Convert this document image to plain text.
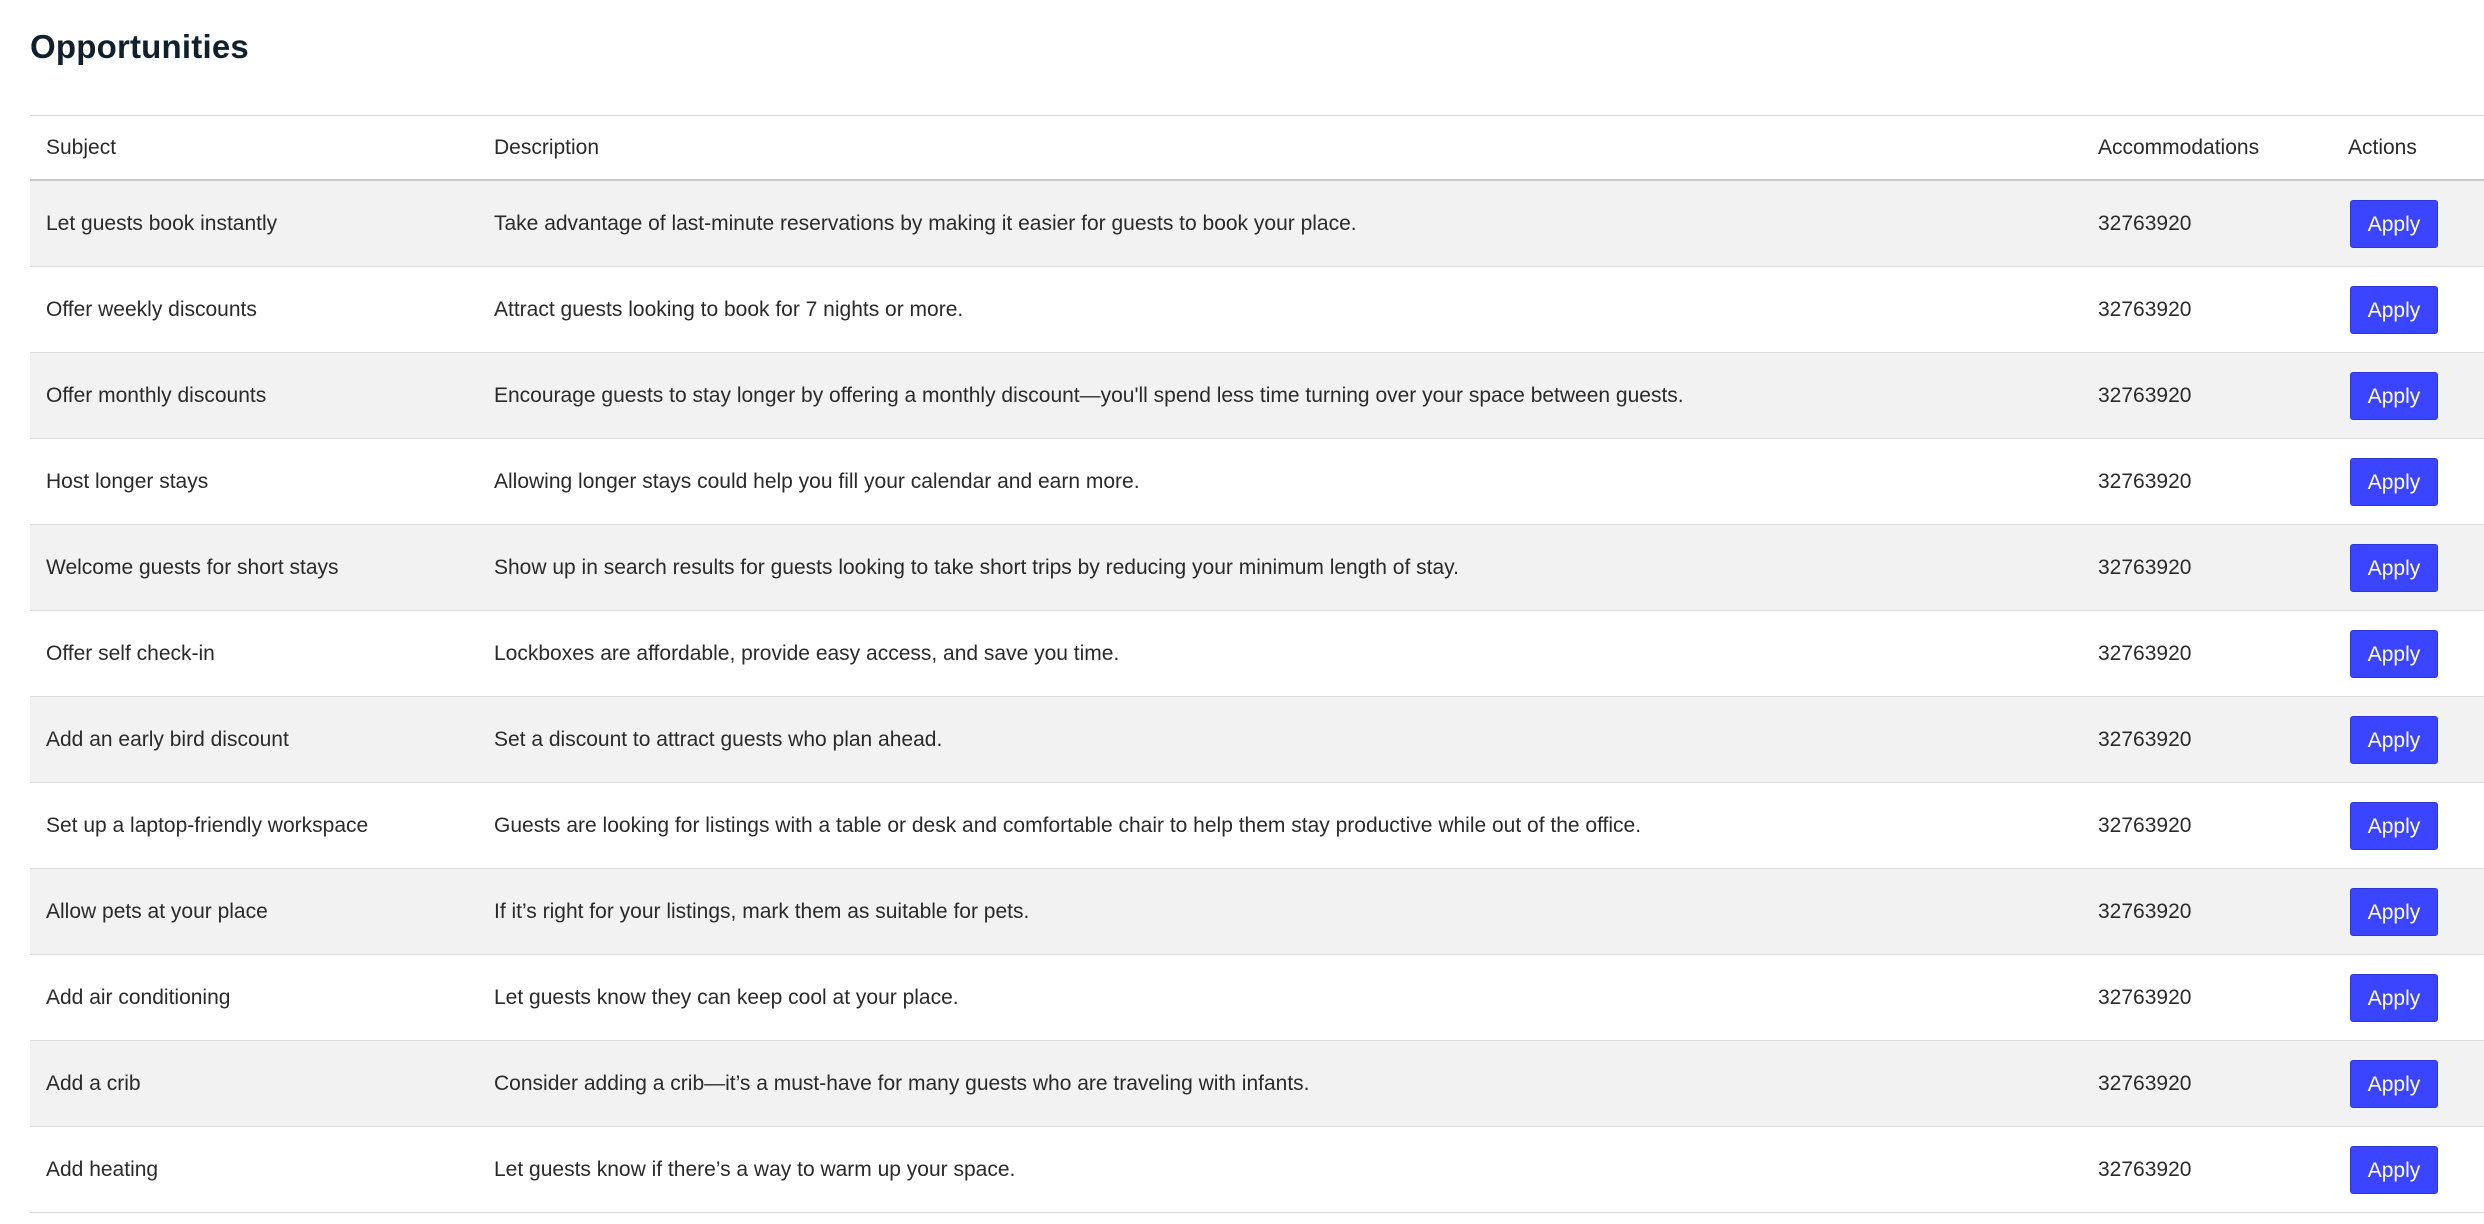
Opportunities
Subject	Description	Accommodations	Actions
Let guests book instantly	Take advantage of last-minute reservations by making it easier for guests to book your place.	32763920	Apply
Offer weekly discounts	Attract guests looking to book for 7 nights or more.	32763920	Apply
Offer monthly discounts	Encourage guests to stay longer by offering a monthly discount—you'll spend less time turning over your space between guests.	32763920	Apply
Host longer stays	Allowing longer stays could help you fill your calendar and earn more.	32763920	Apply
Welcome guests for short stays	Show up in search results for guests looking to take short trips by reducing your minimum length of stay.	32763920	Apply
Offer self check-in	Lockboxes are affordable, provide easy access, and save you time.	32763920	Apply
Add an early bird discount	Set a discount to attract guests who plan ahead.	32763920	Apply
Set up a laptop-friendly workspace	Guests are looking for listings with a table or desk and comfortable chair to help them stay productive while out of the office.	32763920	Apply
Allow pets at your place	If it’s right for your listings, mark them as suitable for pets.	32763920	Apply
Add air conditioning	Let guests know they can keep cool at your place.	32763920	Apply
Add a crib	Consider adding a crib—it’s a must-have for many guests who are traveling with infants.	32763920	Apply
Add heating	Let guests know if there’s a way to warm up your space.	32763920	Apply
